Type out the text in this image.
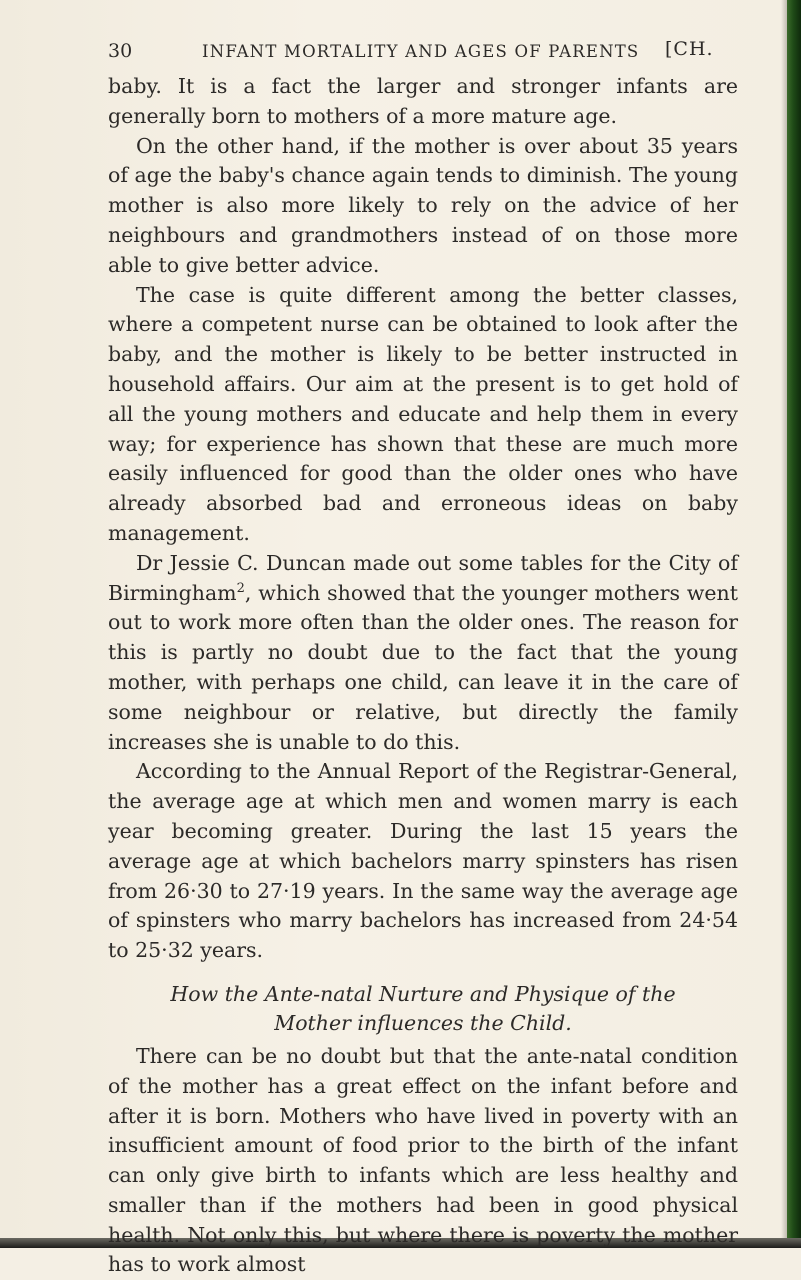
30	INFANT MORTALITY AND AGES OF PARENTS [CH.

baby. It is a fact the larger and stronger infants are generally born to mothers of a more mature age.

On the other hand, if the mother is over about 35 years of age the baby's chance again tends to diminish. The young mother is also more likely to rely on the advice of her neighbours and grandmothers instead of on those more able to give better advice.

The case is quite different among the better classes, where a competent nurse can be obtained to look after the baby, and the mother is likely to be better instructed in household affairs. Our aim at the present is to get hold of all the young mothers and educate and help them in every way; for experience has shown that these are much more easily influenced for good than the older ones who have already absorbed bad and erroneous ideas on baby management.

Dr Jessie C. Duncan made out some tables for the City of Birmingham$^2$, which showed that the younger mothers went out to work more often than the older ones. The reason for this is partly no doubt due to the fact that the young mother, with perhaps one child, can leave it in the care of some neighbour or relative, but directly the family increases she is unable to do this.

According to the Annual Report of the Registrar-General, the average age at which men and women marry is each year becoming greater. During the last 15 years the average age at which bachelors marry spinsters has risen from 26·30 to 27·19 years. In the same way the average age of spinsters who marry bachelors has increased from 24·54 to 25·32 years.

How the Ante-natal Nurture and Physique of the
Mother influences the Child.

There can be no doubt but that the ante-natal condition of the mother has a great effect on the infant before and after it is born. Mothers who have lived in poverty with an insufficient amount of food prior to the birth of the infant can only give birth to infants which are less healthy and smaller than if the mothers had been in good physical health. Not only this, but where there is poverty the mother has to work almost
